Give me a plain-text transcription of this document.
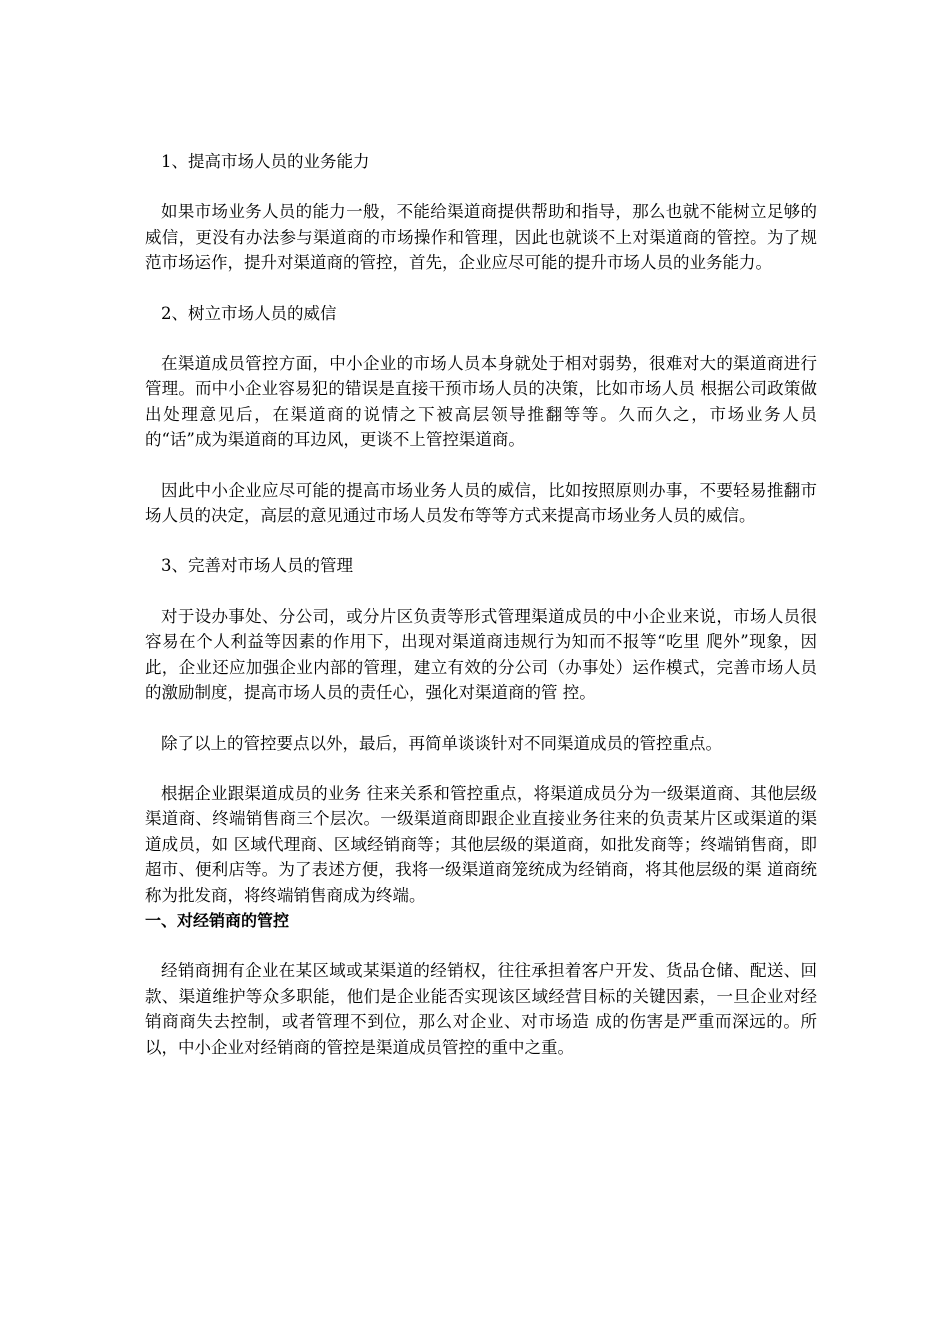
1、提高市场人员的业务能力

如果市场业务人员的能力一般，不能给渠道商提供帮助和指导，那么也就不能树立足够的威信，更没有办法参与渠道商的市场操作和管理，因此也就谈不上对渠道商的管控。为了规范市场运作，提升对渠道商的管控，首先，企业应尽可能的提升市场人员的业务能力。

2、树立市场人员的威信

在渠道成员管控方面，中小企业的市场人员本身就处于相对弱势，很难对大的渠道商进行管理。而中小企业容易犯的错误是直接干预市场人员的决策，比如市场人员 根据公司政策做出处理意见后，在渠道商的说情之下被高层领导推翻等等。久而久之，市场业务人员的“话”成为渠道商的耳边风，更谈不上管控渠道商。

因此中小企业应尽可能的提高市场业务人员的威信，比如按照原则办事，不要轻易推翻市场人员的决定，高层的意见通过市场人员发布等等方式来提高市场业务人员的威信。

3、完善对市场人员的管理

对于设办事处、分公司，或分片区负责等形式管理渠道成员的中小企业来说，市场人员很容易在个人利益等因素的作用下，出现对渠道商违规行为知而不报等“吃里 爬外”现象，因此，企业还应加强企业内部的管理，建立有效的分公司（办事处）运作模式，完善市场人员的激励制度，提高市场人员的责任心，强化对渠道商的管 控。

除了以上的管控要点以外，最后，再简单谈谈针对不同渠道成员的管控重点。

根据企业跟渠道成员的业务 往来关系和管控重点，将渠道成员分为一级渠道商、其他层级渠道商、终端销售商三个层次。一级渠道商即跟企业直接业务往来的负责某片区或渠道的渠道成员，如 区域代理商、区域经销商等；其他层级的渠道商，如批发商等；终端销售商，即超市、便利店等。为了表述方便，我将一级渠道商笼统成为经销商，将其他层级的渠 道商统称为批发商，将终端销售商成为终端。

一、对经销商的管控

经销商拥有企业在某区域或某渠道的经销权，往往承担着客户开发、货品仓储、配送、回款、渠道维护等众多职能，他们是企业能否实现该区域经营目标的关键因素，一旦企业对经销商商失去控制，或者管理不到位，那么对企业、对市场造 成的伤害是严重而深远的。所以，中小企业对经销商的管控是渠道成员管控的重中之重。
